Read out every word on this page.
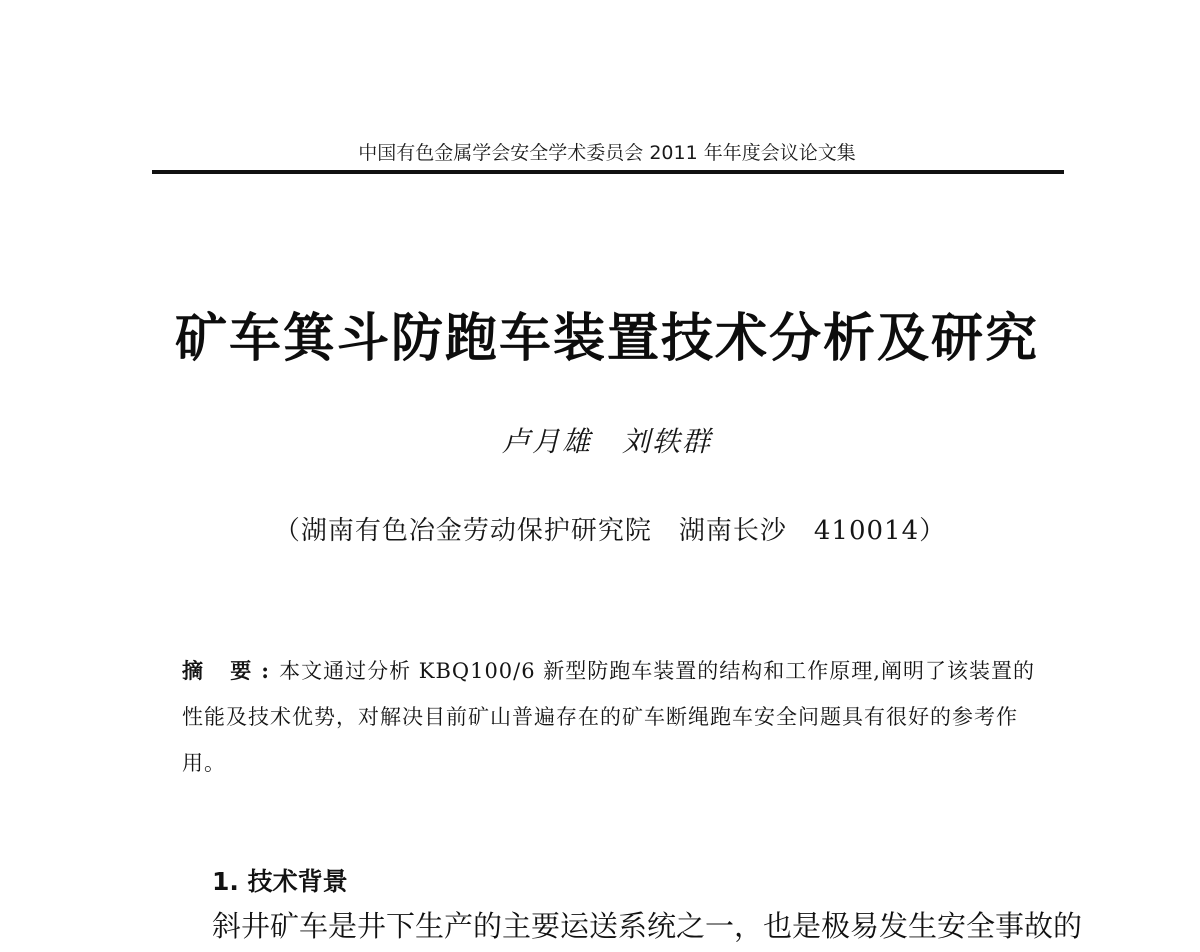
中国有色金属学会安全学术委员会 2011 年年度会议论文集
矿车箕斗防跑车装置技术分析及研究
卢月雄　刘轶群
（湖南有色冶金劳动保护研究院　湖南长沙　410014）
摘 要:本文通过分析 KBQ100/6 新型防跑车装置的结构和工作原理,阐明了该装置的性能及技术优势，对解决目前矿山普遍存在的矿车断绳跑车安全问题具有很好的参考作用。
1. 技术背景
斜井矿车是井下生产的主要运送系统之一，也是极易发生安全事故的
